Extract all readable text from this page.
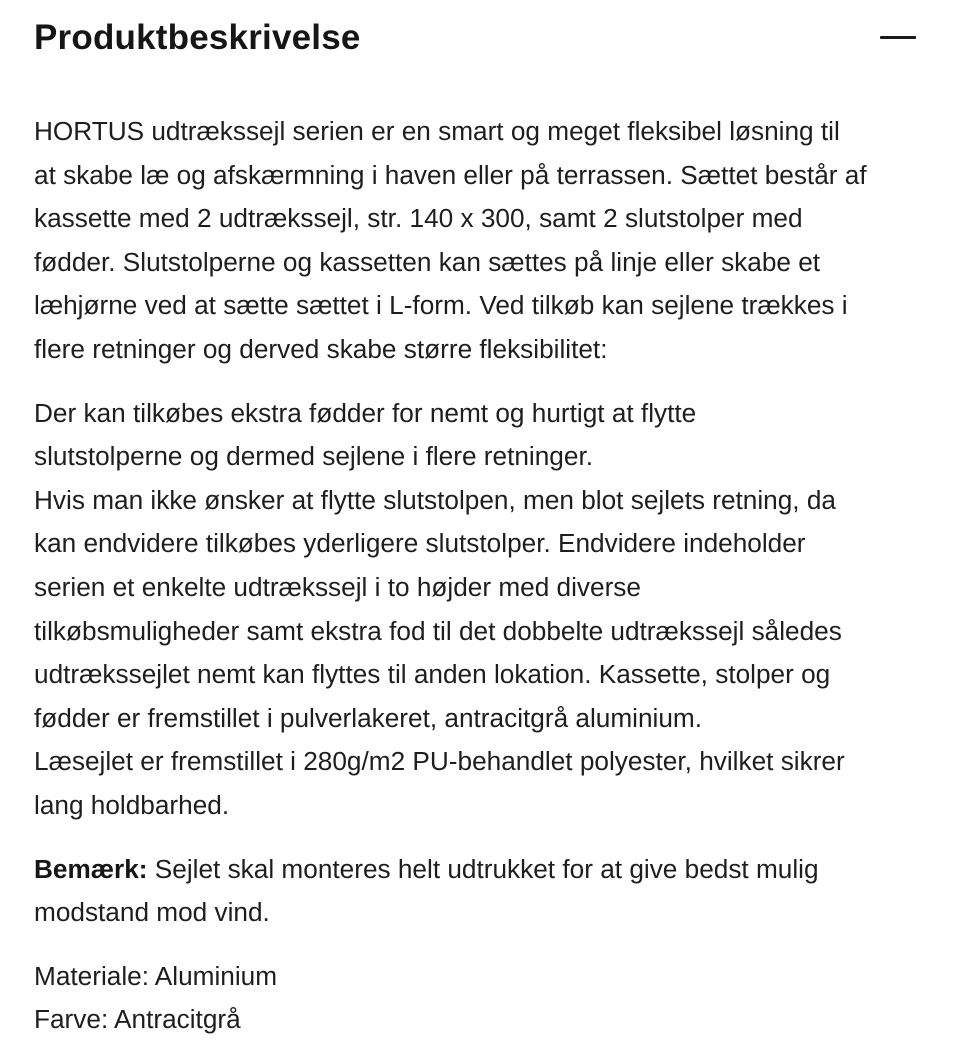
Produktbeskrivelse

HORTUS udtrækssejl serien er en smart og meget fleksibel løsning til
at skabe læ og afskærmning i haven eller på terrassen. Sættet består af
kassette med 2 udtrækssejl, str. 140 x 300, samt 2 slutstolper med
fødder. Slutstolperne og kassetten kan sættes på linje eller skabe et
læhjørne ved at sætte sættet i L-form. Ved tilkøb kan sejlene trækkes i
flere retninger og derved skabe større fleksibilitet:

Der kan tilkøbes ekstra fødder for nemt og hurtigt at flytte
slutstolperne og dermed sejlene i flere retninger.
Hvis man ikke ønsker at flytte slutstolpen, men blot sejlets retning, da
kan endvidere tilkøbes yderligere slutstolper. Endvidere indeholder
serien et enkelte udtrækssejl i to højder med diverse
tilkøbsmuligheder samt ekstra fod til det dobbelte udtrækssejl således
udtrækssejlet nemt kan flyttes til anden lokation. Kassette, stolper og
fødder er fremstillet i pulverlakeret, antracitgrå aluminium.
Læsejlet er fremstillet i 280g/m2 PU-behandlet polyester, hvilket sikrer
lang holdbarhed.

Bemærk: Sejlet skal monteres helt udtrukket for at give bedst mulig
modstand mod vind.

Materiale: Aluminium
Farve: Antracitgrå
